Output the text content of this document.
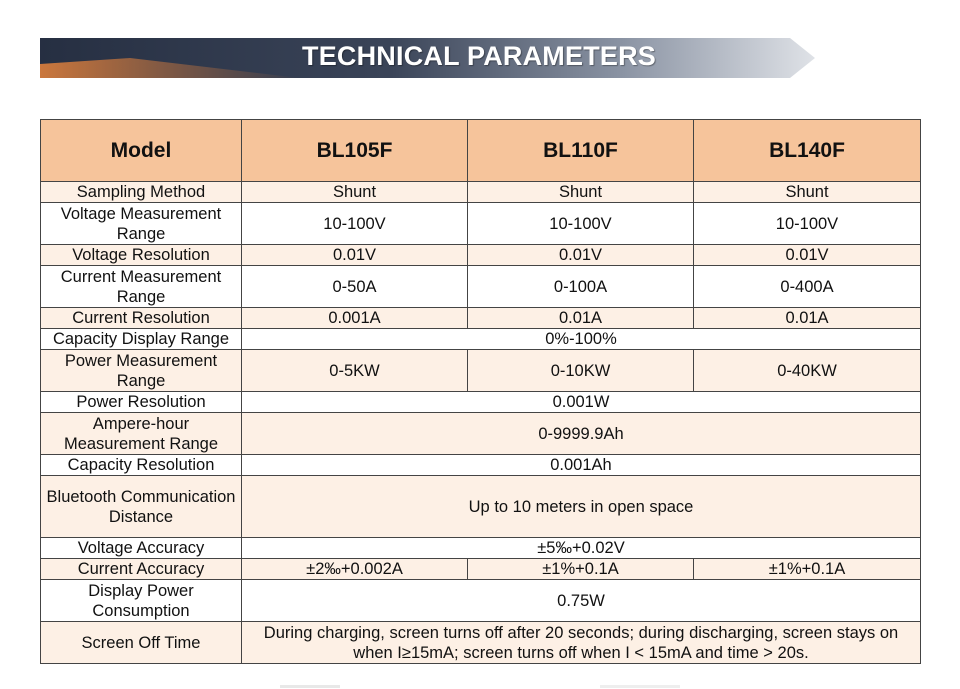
TECHNICAL PARAMETERS
Model	BL105F	BL110F	BL140F
Sampling Method	Shunt	Shunt	Shunt
Voltage Measurement Range	10-100V	10-100V	10-100V
Voltage Resolution	0.01V	0.01V	0.01V
Current Measurement Range	0-50A	0-100A	0-400A
Current Resolution	0.001A	0.01A	0.01A
Capacity Display Range	0%-100%		
Power Measurement Range	0-5KW	0-10KW	0-40KW
Power Resolution	0.001W		
Ampere-hour Measurement Range	0-9999.9Ah		
Capacity Resolution	0.001Ah		
Bluetooth Communication Distance	Up to 10 meters in open space		
Voltage Accuracy	±5‰+0.02V		
Current Accuracy	±2‰+0.002A	±1%+0.1A	±1%+0.1A
Display Power Consumption	0.75W		
Screen Off Time	During charging, screen turns off after 20 seconds; during discharging, screen stays on when I≥15mA; screen turns off when I < 15mA and time > 20s.		
